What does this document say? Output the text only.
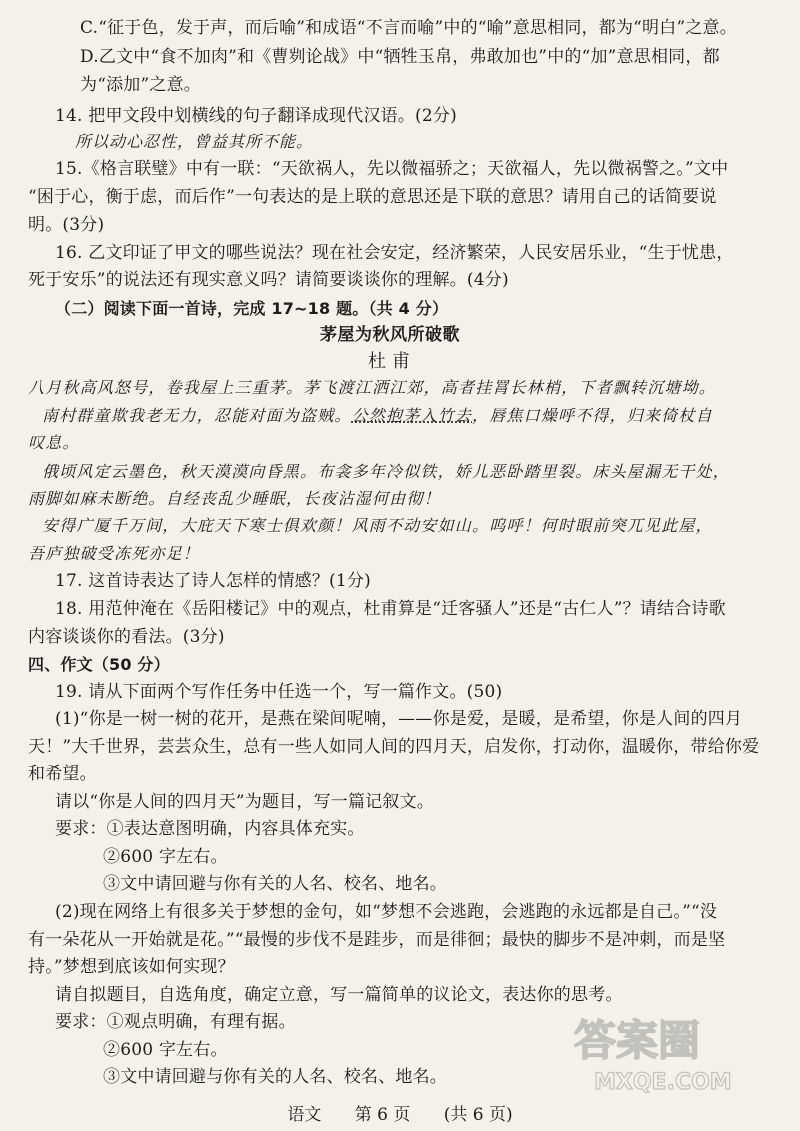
C.“征于色，发于声，而后喻”和成语“不言而喻”中的“喻”意思相同，都为“明白”之意。
D.乙文中“食不加肉”和《曹刿论战》中“牺牲玉帛，弗敢加也”中的“加”意思相同，都
为“添加”之意。
14. 把甲文段中划横线的句子翻译成现代汉语。(2分)
所以动心忍性，曾益其所不能。
15.《格言联璧》中有一联：“天欲祸人，先以微福骄之；天欲福人，先以微祸警之。”文中
“困于心，衡于虑，而后作”一句表达的是上联的意思还是下联的意思？请用自己的话简要说
明。(3分)
16. 乙文印证了甲文的哪些说法？现在社会安定，经济繁荣，人民安居乐业，“生于忧患，
死于安乐”的说法还有现实意义吗？请简要谈谈你的理解。(4分)
（二）阅读下面一首诗，完成 17~18 题。（共 4 分）
茅屋为秋风所破歌
杜甫
八月秋高风怒号，卷我屋上三重茅。茅飞渡江洒江郊，高者挂罥长林梢，下者飘转沉塘坳。
南村群童欺我老无力，忍能对面为盗贼。公然抱茅入竹去，唇焦口燥呼不得，归来倚杖自
叹息。
俄顷风定云墨色，秋天漠漠向昏黑。布衾多年冷似铁，娇儿恶卧踏里裂。床头屋漏无干处，
雨脚如麻未断绝。自经丧乱少睡眠，长夜沾湿何由彻！
安得广厦千万间，大庇天下寒士俱欢颜！风雨不动安如山。呜呼！何时眼前突兀见此屋，
吾庐独破受冻死亦足！
17. 这首诗表达了诗人怎样的情感？(1分)
18. 用范仲淹在《岳阳楼记》中的观点，杜甫算是“迁客骚人”还是“古仁人”？请结合诗歌
内容谈谈你的看法。(3分)
四、作文（50 分）
19. 请从下面两个写作任务中任选一个，写一篇作文。(50)
(1)“你是一树一树的花开，是燕在梁间呢喃，——你是爱，是暖，是希望，你是人间的四月
天！”大千世界，芸芸众生，总有一些人如同人间的四月天，启发你，打动你，温暖你，带给你爱
和希望。
请以“你是人间的四月天”为题目，写一篇记叙文。
要求：①表达意图明确，内容具体充实。
②600 字左右。
③文中请回避与你有关的人名、校名、地名。
(2)现在网络上有很多关于梦想的金句，如“梦想不会逃跑，会逃跑的永远都是自己。”“没
有一朵花从一开始就是花。”“最慢的步伐不是跬步，而是徘徊；最快的脚步不是冲刺，而是坚
持。”梦想到底该如何实现？
请自拟题目，自选角度，确定立意，写一篇简单的议论文，表达你的思考。
要求：①观点明确，有理有据。
②600 字左右。
③文中请回避与你有关的人名、校名、地名。
语文 第 6 页 (共 6 页)
答案圈
MXQE.COM
